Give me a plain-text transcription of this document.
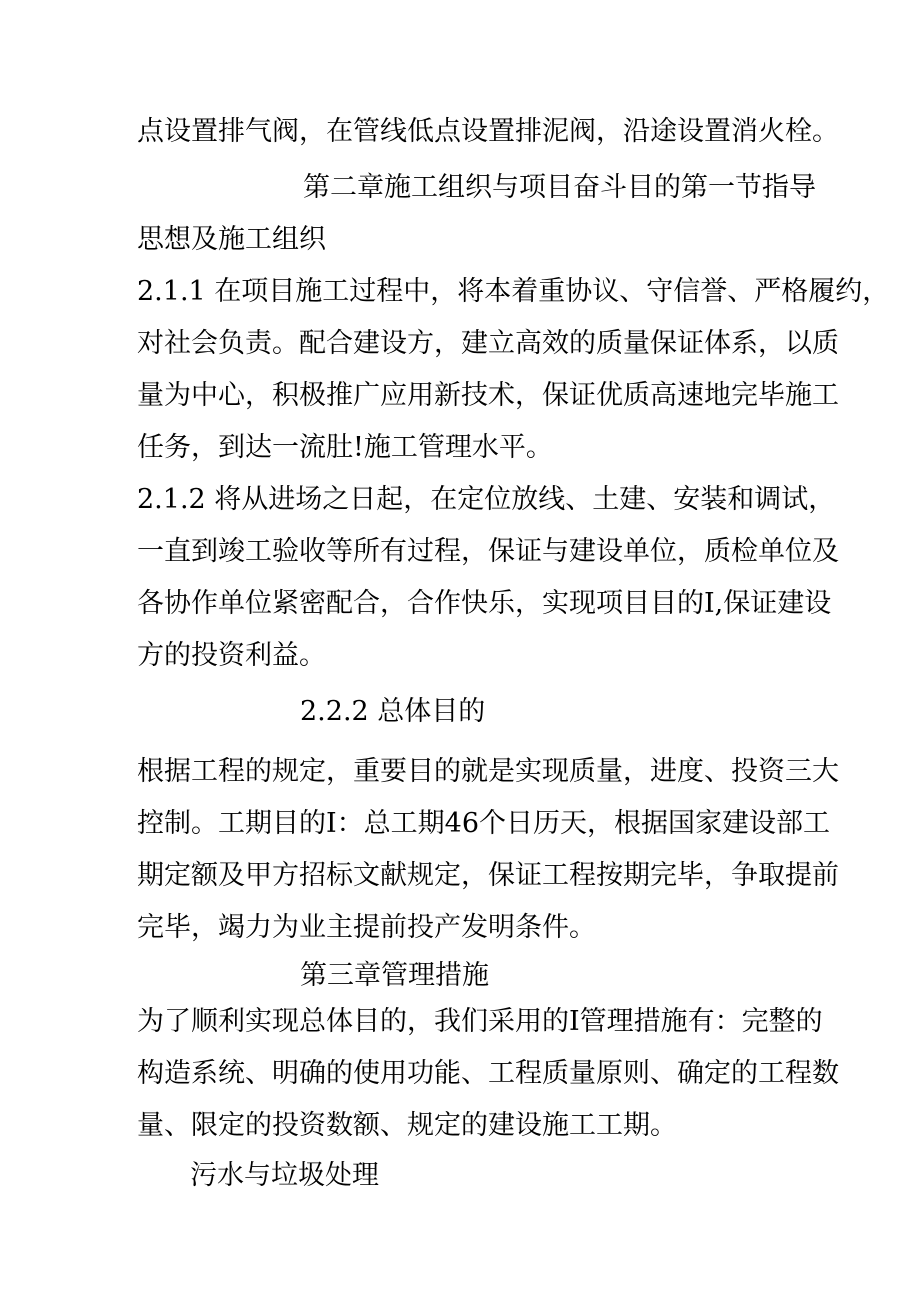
点设置排气阀，在管线低点设置排泥阀，沿途设置消火栓。
第二章施工组织与项目奋斗目的第一节指导
思想及施工组织
2.1.1 在项目施工过程中，将本着重协议、守信誉、严格履约，
对社会负责。配合建设方，建立高效的质量保证体系，以质
量为中心，积极推广应用新技术，保证优质高速地完毕施工
任务，到达一流肚!施工管理水平。
2.1.2 将从进场之日起，在定位放线、土建、安装和调试，
一直到竣工验收等所有过程，保证与建设单位，质检单位及
各协作单位紧密配合，合作快乐，实现项目目的I,保证建设
方的投资利益。
2.2.2 总体目的
根据工程的规定，重要目的就是实现质量，进度、投资三大
控制。工期目的I：总工期46个日历天，根据国家建设部工
期定额及甲方招标文献规定，保证工程按期完毕，争取提前
完毕，竭力为业主提前投产发明条件。
第三章管理措施
为了顺利实现总体目的，我们采用的I管理措施有：完整的
构造系统、明确的使用功能、工程质量原则、确定的工程数
量、限定的投资数额、规定的建设施工工期。
污水与垃圾处理
